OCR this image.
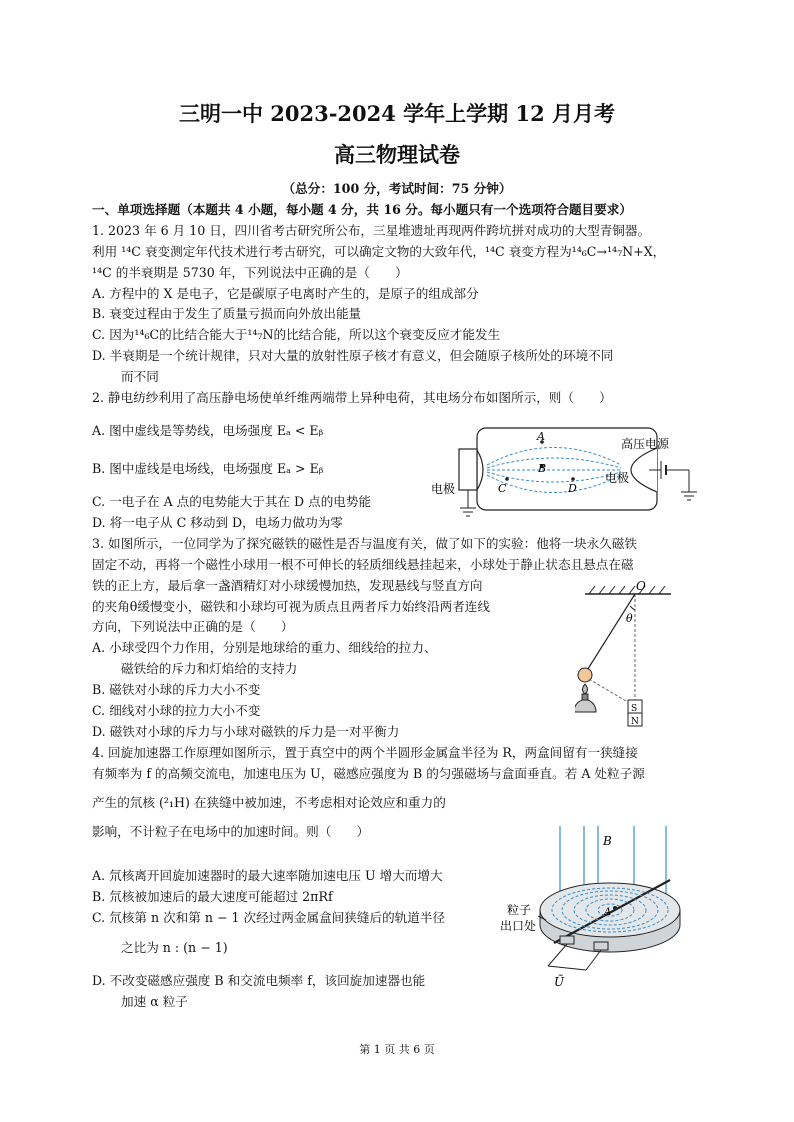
三明一中 2023-2024 学年上学期 12 月月考
高三物理试卷
（总分：100 分，考试时间：75 分钟）
一、单项选择题（本题共 4 小题，每小题 4 分，共 16 分。每小题只有一个选项符合题目要求）
1. 2023 年 6 月 10 日，四川省考古研究所公布，三星堆遗址再现两件跨坑拼对成功的大型青铜器。
利用 ¹⁴C 衰变测定年代技术进行考古研究，可以确定文物的大致年代，¹⁴C 衰变方程为¹⁴₆C→¹⁴₇N+X，
¹⁴C 的半衰期是 5730 年，下列说法中正确的是（　　）
A. 方程中的 X 是电子，它是碳原子电离时产生的，是原子的组成部分
B. 衰变过程由于发生了质量亏损而向外放出能量
C. 因为¹⁴₆C的比结合能大于¹⁴₇N的比结合能，所以这个衰变反应才能发生
D. 半衰期是一个统计规律，只对大量的放射性原子核才有意义，但会随原子核所处的环境不同
而不同
2. 静电纺纱利用了高压静电场使单纤维两端带上异种电荷，其电场分布如图所示，则（　　）
A. 图中虚线是等势线，电场强度 Eₐ < Eᵦ
B. 图中虚线是电场线，电场强度 Eₐ > Eᵦ
C. 一电子在 A 点的电势能大于其在 D 点的电势能
D. 将一电子从 C 移动到 D，电场力做功为零
A
B
C	D
电极
电极
高压电源
3. 如图所示，一位同学为了探究磁铁的磁性是否与温度有关，做了如下的实验：他将一块永久磁铁
固定不动，再将一个磁性小球用一根不可伸长的轻质细线悬挂起来，小球处于静止状态且悬点在磁
铁的正上方，最后拿一盏酒精灯对小球缓慢加热，发现悬线与竖直方向
的夹角θ缓慢变小，磁铁和小球均可视为质点且两者斥力始终沿两者连线
方向，下列说法中正确的是（　　）
A. 小球受四个力作用，分别是地球给的重力、细线给的拉力、
磁铁给的斥力和灯焰给的支持力
B. 磁铁对小球的斥力大小不变
C. 细线对小球的拉力大小不变
D. 磁铁对小球的斥力与小球对磁铁的斥力是一对平衡力
O
θ
S
N
4. 回旋加速器工作原理如图所示，置于真空中的两个半圆形金属盒半径为 R，两盒间留有一狭缝接
有频率为 f 的高频交流电，加速电压为 U，磁感应强度为 B 的匀强磁场与盒面垂直。若 A 处粒子源
产生的氘核 (²₁H) 在狭缝中被加速，不考虑相对论效应和重力的
影响，不计粒子在电场中的加速时间。则（　　）
A. 氘核离开回旋加速器时的最大速率随加速电压 U 增大而增大
B. 氘核被加速后的最大速度可能超过 2πRf
C. 氘核第 n 次和第 n − 1 次经过两金属盒间狭缝后的轨道半径
之比为 n : (n − 1)
D. 不改变磁感应强度 B 和交流电频率 f，该回旋加速器也能
加速 α 粒子
B
A
粒子
出口处
Ũ
第 1 页 共 6 页
